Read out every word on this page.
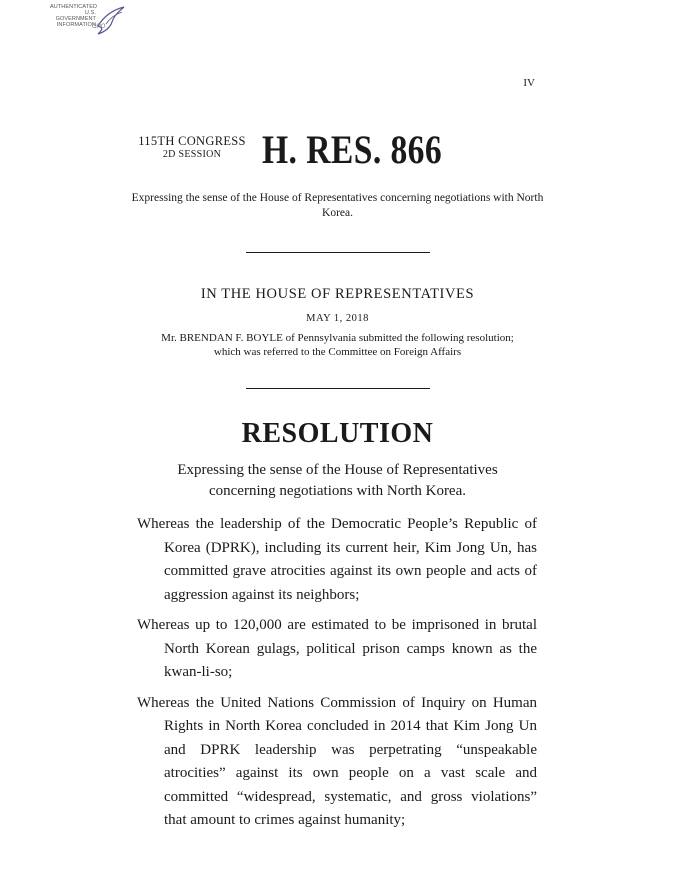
AUTHENTICATED
U.S. GOVERNMENT
INFORMATION
GPO
IV
115TH CONGRESS
2D SESSION	H. RES. 866
Expressing the sense of the House of Representatives concerning negotiations with North Korea.
IN THE HOUSE OF REPRESENTATIVES
MAY 1, 2018
Mr. BRENDAN F. BOYLE of Pennsylvania submitted the following resolution;
which was referred to the Committee on Foreign Affairs
RESOLUTION
Expressing the sense of the House of Representatives concerning negotiations with North Korea.

Whereas the leadership of the Democratic People’s Republic of Korea (DPRK), including its current heir, Kim Jong Un, has committed grave atrocities against its own people and acts of aggression against its neighbors;

Whereas up to 120,000 are estimated to be imprisoned in brutal North Korean gulags, political prison camps known as the kwan-li-so;

Whereas the United Nations Commission of Inquiry on Human Rights in North Korea concluded in 2014 that Kim Jong Un and DPRK leadership was perpetrating “unspeakable atrocities” against its own people on a vast scale and committed “widespread, systematic, and gross violations” that amount to crimes against humanity;
